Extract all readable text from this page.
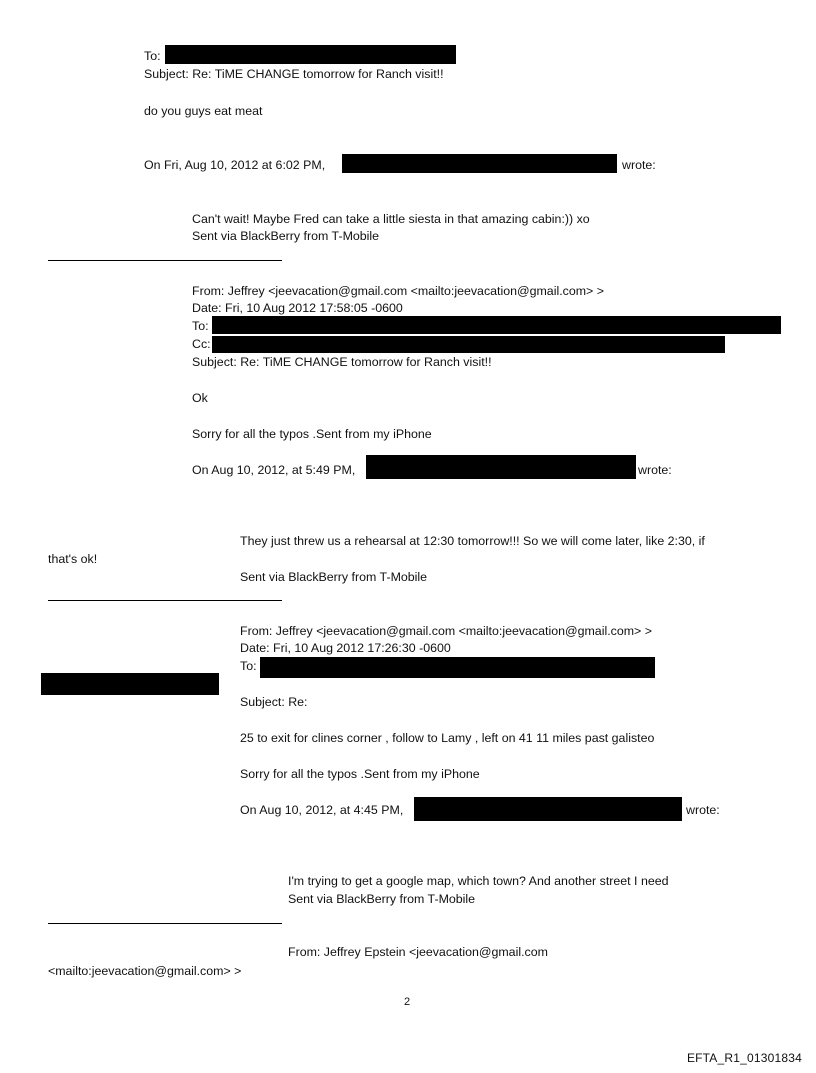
To:
Subject: Re: TiME CHANGE tomorrow for Ranch visit!!
do you guys eat meat
On Fri, Aug 10, 2012 at 6:02 PM,	wrote:
Can't wait! Maybe Fred can take a little siesta in that amazing cabin:)) xo
Sent via BlackBerry from T-Mobile
From: Jeffrey <jeevacation@gmail.com <mailto:jeevacation@gmail.com> >
Date: Fri, 10 Aug 2012 17:58:05 -0600
To:
Cc:
Subject: Re: TiME CHANGE tomorrow for Ranch visit!!
Ok
Sorry for all the typos .Sent from my iPhone
On Aug 10, 2012, at 5:49 PM,	wrote:
They just threw us a rehearsal at 12:30 tomorrow!!! So we will come later, like 2:30, if
that's ok!
Sent via BlackBerry from T-Mobile
From: Jeffrey <jeevacation@gmail.com <mailto:jeevacation@gmail.com> >
Date: Fri, 10 Aug 2012 17:26:30 -0600
To:
Subject: Re:
25 to exit for clines corner , follow to Lamy , left on 41 11 miles past galisteo
Sorry for all the typos .Sent from my iPhone
On Aug 10, 2012, at 4:45 PM,	wrote:
I'm trying to get a google map, which town? And another street I need
Sent via BlackBerry from T-Mobile
From: Jeffrey Epstein <jeevacation@gmail.com
<mailto:jeevacation@gmail.com> >
2
EFTA_R1_01301834
